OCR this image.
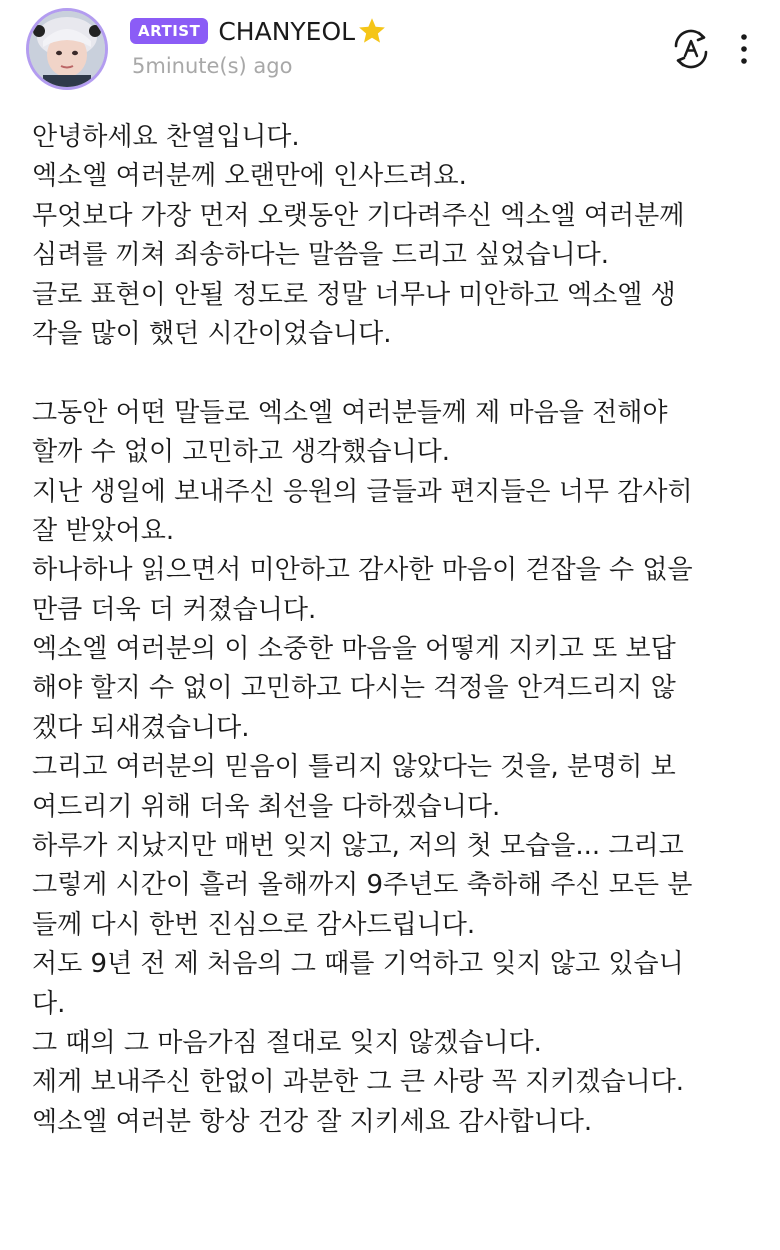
ARTIST CHANYEOL
5minute(s) ago
안녕하세요 찬열입니다.
엑소엘 여러분께 오랜만에 인사드려요.
무엇보다 가장 먼저 오랫동안 기다려주신 엑소엘 여러분께
심려를 끼쳐 죄송하다는 말씀을 드리고 싶었습니다.
글로 표현이 안될 정도로 정말 너무나 미안하고 엑소엘 생
각을 많이 했던 시간이었습니다.
그동안 어떤 말들로 엑소엘 여러분들께 제 마음을 전해야
할까 수 없이 고민하고 생각했습니다.
지난 생일에 보내주신 응원의 글들과 편지들은 너무 감사히
잘 받았어요.
하나하나 읽으면서 미안하고 감사한 마음이 걷잡을 수 없을
만큼 더욱 더 커졌습니다.
엑소엘 여러분의 이 소중한 마음을 어떻게 지키고 또 보답
해야 할지 수 없이 고민하고 다시는 걱정을 안겨드리지 않
겠다 되새겼습니다.
그리고 여러분의 믿음이 틀리지 않았다는 것을, 분명히 보
여드리기 위해 더욱 최선을 다하겠습니다.
하루가 지났지만 매번 잊지 않고, 저의 첫 모습을... 그리고
그렇게 시간이 흘러 올해까지 9주년도 축하해 주신 모든 분
들께 다시 한번 진심으로 감사드립니다.
저도 9년 전 제 처음의 그 때를 기억하고 잊지 않고 있습니
다.
그 때의 그 마음가짐 절대로 잊지 않겠습니다.
제게 보내주신 한없이 과분한 그 큰 사랑 꼭 지키겠습니다.
엑소엘 여러분 항상 건강 잘 지키세요 감사합니다.
